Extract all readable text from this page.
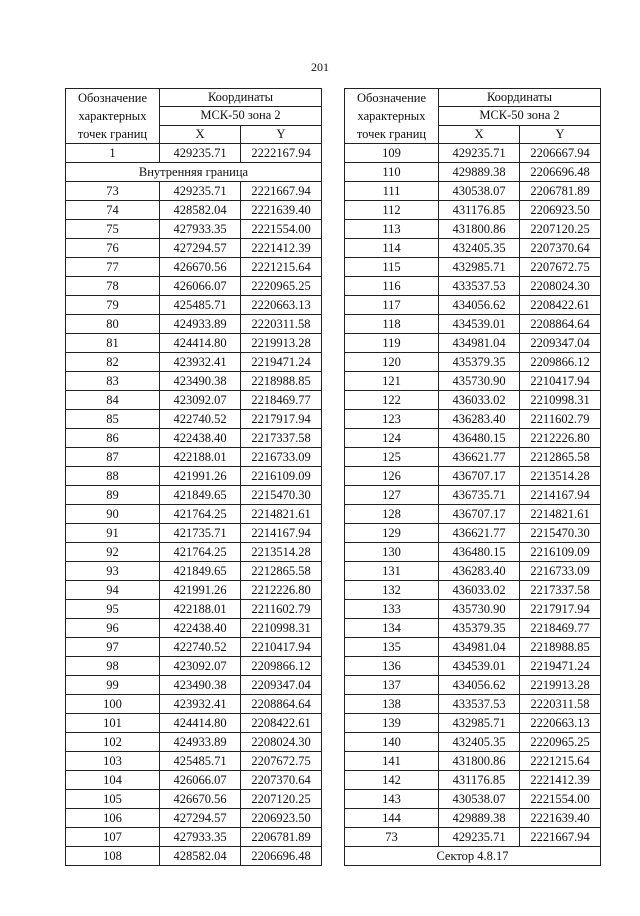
201
Обозначение
характерных
точек границ	Координаты	
	МСК-50 зона 2	
	X	Y
1	429235.71	2222167.94
Внутренняя граница		
73	429235.71	2221667.94
74	428582.04	2221639.40
75	427933.35	2221554.00
76	427294.57	2221412.39
77	426670.56	2221215.64
78	426066.07	2220965.25
79	425485.71	2220663.13
80	424933.89	2220311.58
81	424414.80	2219913.28
82	423932.41	2219471.24
83	423490.38	2218988.85
84	423092.07	2218469.77
85	422740.52	2217917.94
86	422438.40	2217337.58
87	422188.01	2216733.09
88	421991.26	2216109.09
89	421849.65	2215470.30
90	421764.25	2214821.61
91	421735.71	2214167.94
92	421764.25	2213514.28
93	421849.65	2212865.58
94	421991.26	2212226.80
95	422188.01	2211602.79
96	422438.40	2210998.31
97	422740.52	2210417.94
98	423092.07	2209866.12
99	423490.38	2209347.04
100	423932.41	2208864.64
101	424414.80	2208422.61
102	424933.89	2208024.30
103	425485.71	2207672.75
104	426066.07	2207370.64
105	426670.56	2207120.25
106	427294.57	2206923.50
107	427933.35	2206781.89
108	428582.04	2206696.48
Обозначение
характерных
точек границ	Координаты	
	МСК-50 зона 2	
	X	Y
109	429235.71	2206667.94
110	429889.38	2206696.48
111	430538.07	2206781.89
112	431176.85	2206923.50
113	431800.86	2207120.25
114	432405.35	2207370.64
115	432985.71	2207672.75
116	433537.53	2208024.30
117	434056.62	2208422.61
118	434539.01	2208864.64
119	434981.04	2209347.04
120	435379.35	2209866.12
121	435730.90	2210417.94
122	436033.02	2210998.31
123	436283.40	2211602.79
124	436480.15	2212226.80
125	436621.77	2212865.58
126	436707.17	2213514.28
127	436735.71	2214167.94
128	436707.17	2214821.61
129	436621.77	2215470.30
130	436480.15	2216109.09
131	436283.40	2216733.09
132	436033.02	2217337.58
133	435730.90	2217917.94
134	435379.35	2218469.77
135	434981.04	2218988.85
136	434539.01	2219471.24
137	434056.62	2219913.28
138	433537.53	2220311.58
139	432985.71	2220663.13
140	432405.35	2220965.25
141	431800.86	2221215.64
142	431176.85	2221412.39
143	430538.07	2221554.00
144	429889.38	2221639.40
73	429235.71	2221667.94
Сектор 4.8.17		
